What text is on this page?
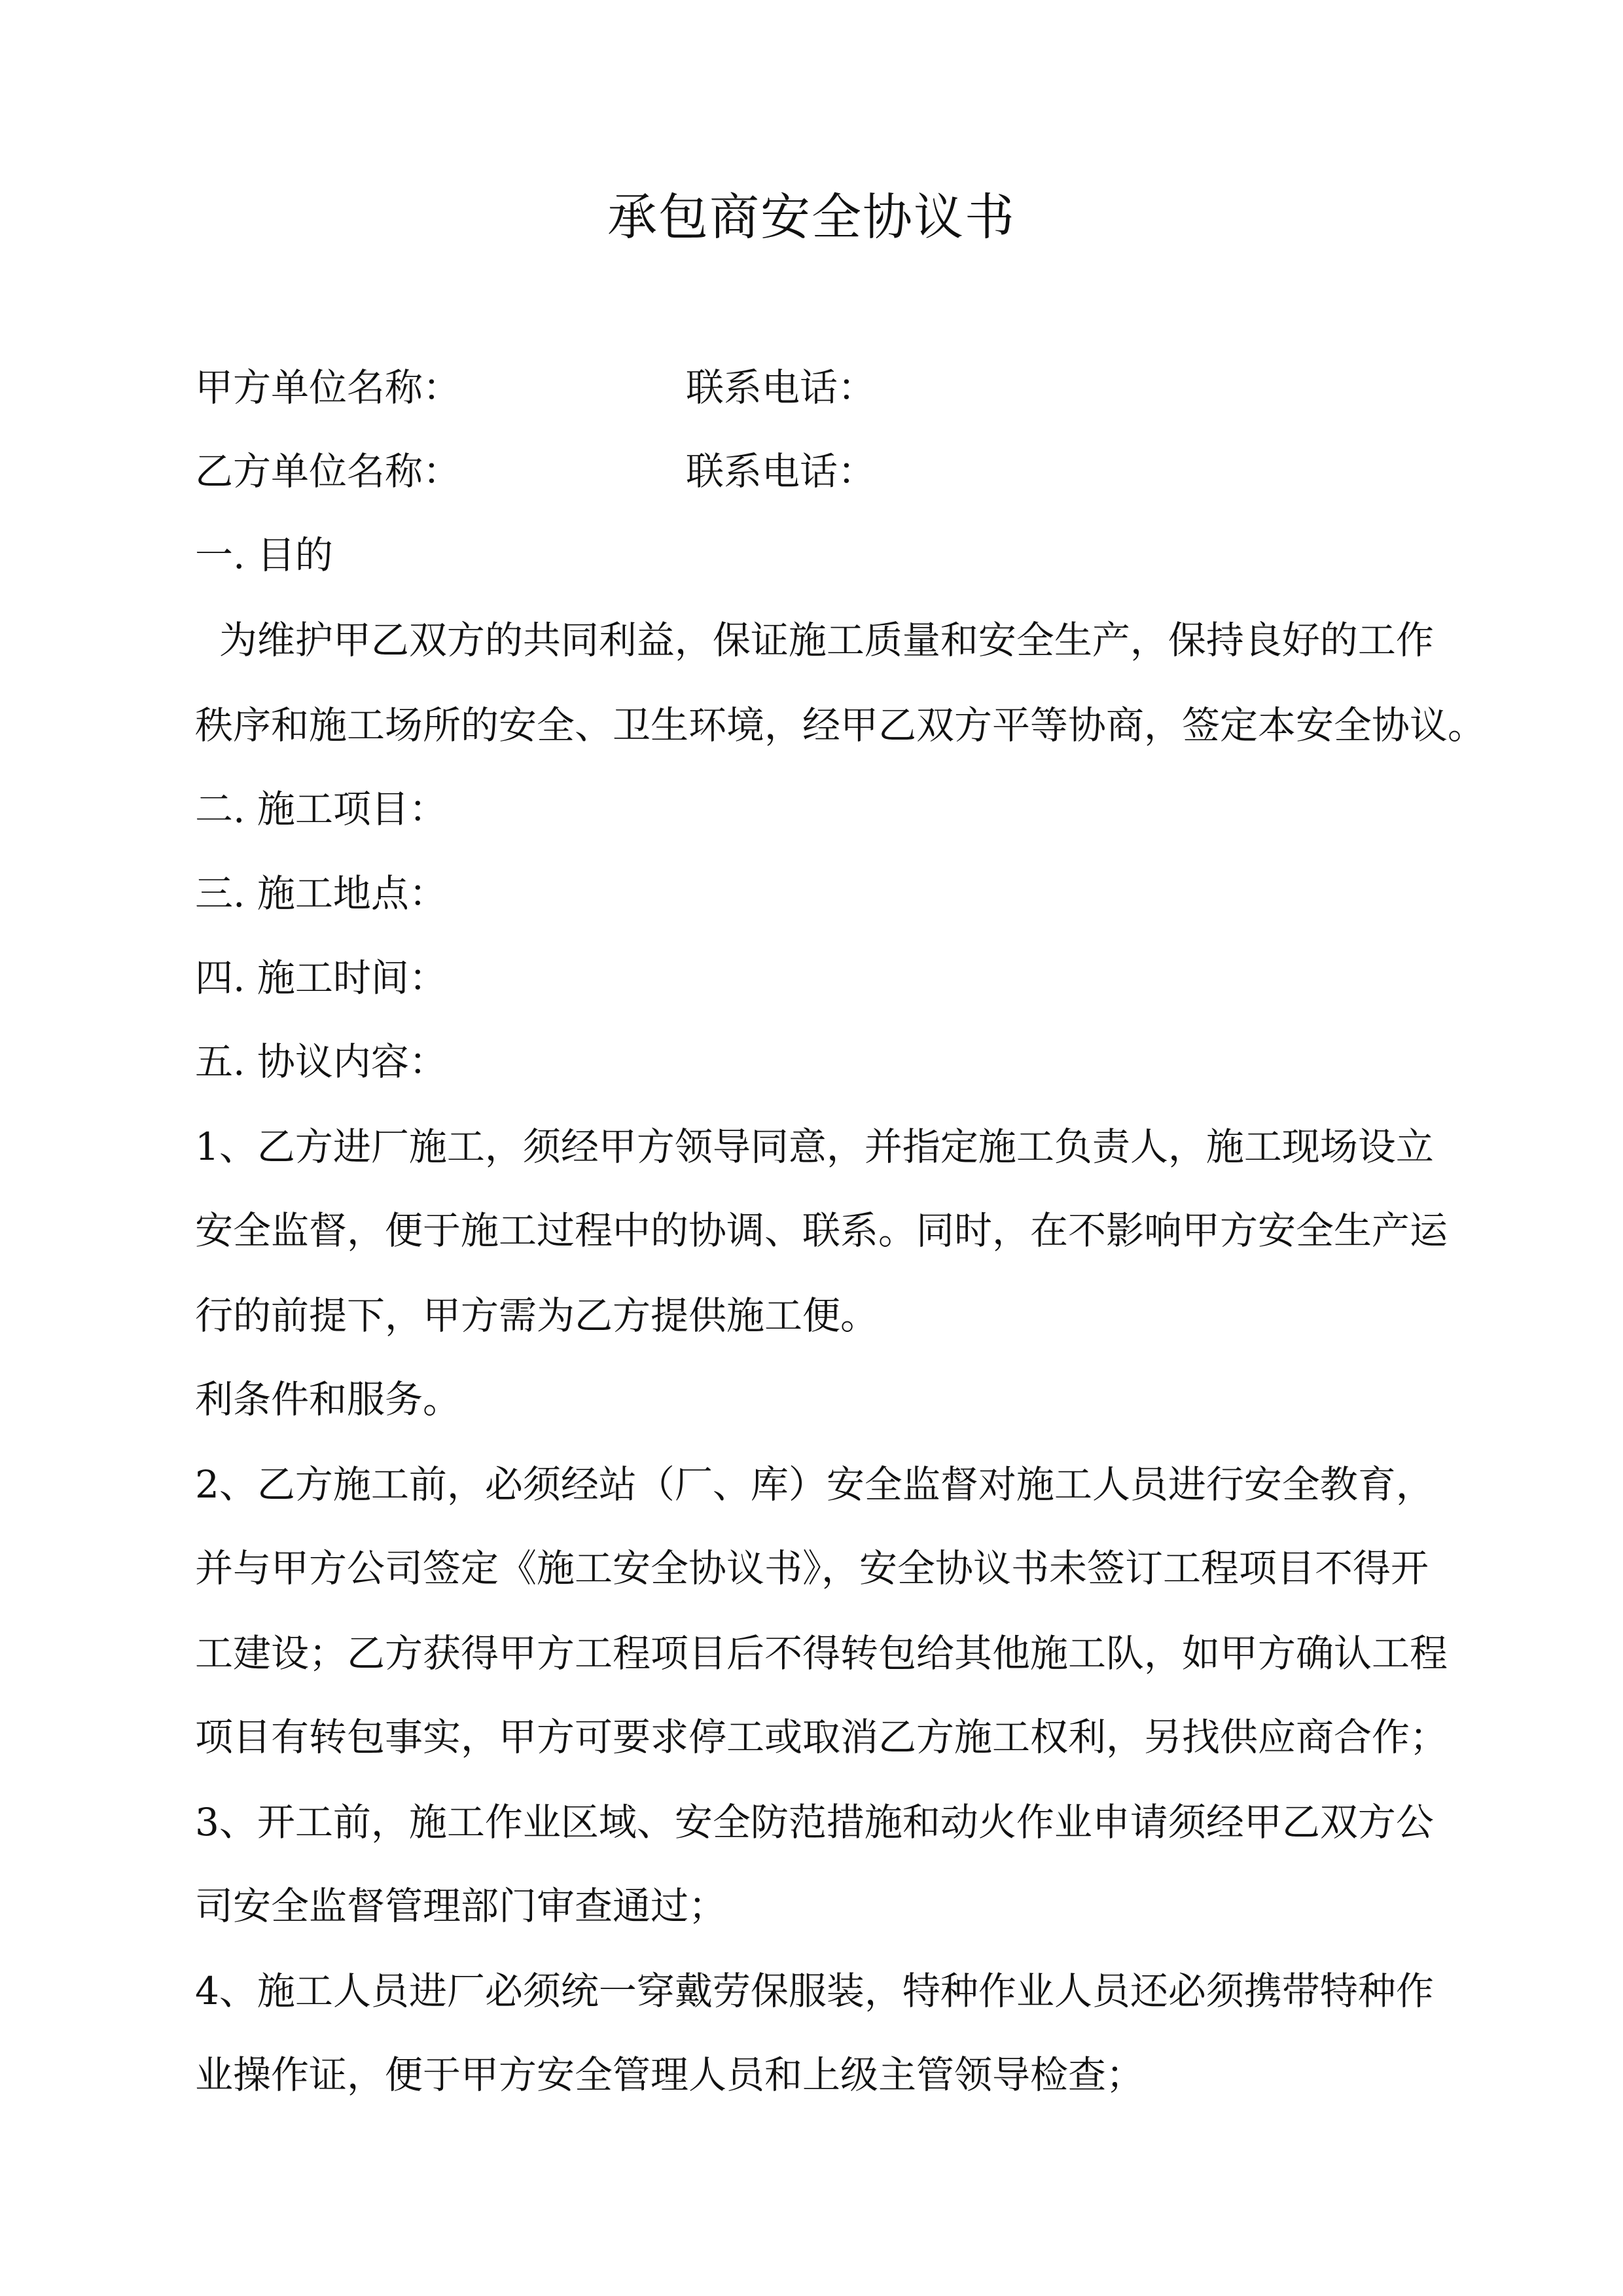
承包商安全协议书
甲方单位名称：	联系电话：
乙方单位名称：	联系电话：
一. 目的
为维护甲乙双方的共同利益，保证施工质量和安全生产，保持良好的工作
秩序和施工场所的安全、卫生环境，经甲乙双方平等协商，签定本安全协议。
二. 施工项目：
三. 施工地点：
四. 施工时间：
五. 协议内容：
1、乙方进厂施工，须经甲方领导同意，并指定施工负责人，施工现场设立
安全监督，便于施工过程中的协调、联系。同时，在不影响甲方安全生产运
行的前提下，甲方需为乙方提供施工便。
利条件和服务。
2、乙方施工前，必须经站（厂、库）安全监督对施工人员进行安全教育，
并与甲方公司签定《施工安全协议书》，安全协议书未签订工程项目不得开
工建设；乙方获得甲方工程项目后不得转包给其他施工队，如甲方确认工程
项目有转包事实，甲方可要求停工或取消乙方施工权利，另找供应商合作；
3、开工前，施工作业区域、安全防范措施和动火作业申请须经甲乙双方公
司安全监督管理部门审查通过；
4、施工人员进厂必须统一穿戴劳保服装，特种作业人员还必须携带特种作
业操作证，便于甲方安全管理人员和上级主管领导检查；
